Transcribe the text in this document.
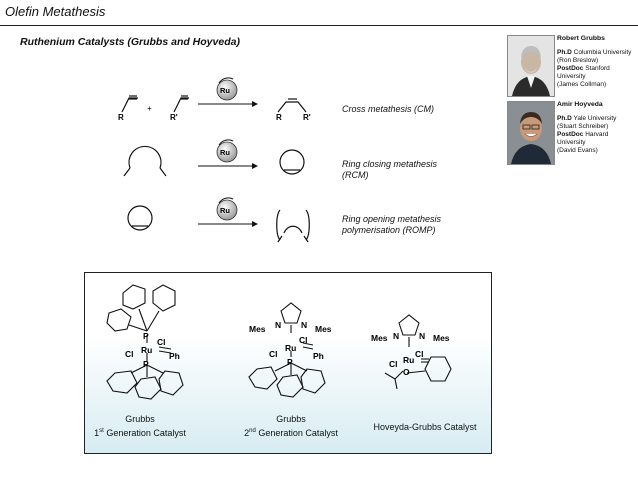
Olefin Metathesis
Ruthenium Catalysts (Grubbs and Hoyveda)
R
+
R'
Ru
Ru
Ru
R	R'
Cross metathesis (CM)
Ring closing metathesis
(RCM)
Ring opening metathesis
polymerisation (ROMP)
Robert Grubbs
Ph.D Columbia University
(Ron Breslow)
PostDoc Stanford University
(James Collman)
Amir Hoyveda
Ph.D Yale University
(Stuart Schreiber)
PostDoc Harvard University
(David Evans)
P
Ru
Cl
Cl	Ph
P
Mes N N Mes
Cl
Ru
Cl	Ph
P
Mes N N Mes
Cl
Ru
Cl
O
Grubbs
1st Generation Catalyst
Grubbs
2nd Generation Catalyst
Hoveyda-Grubbs Catalyst
